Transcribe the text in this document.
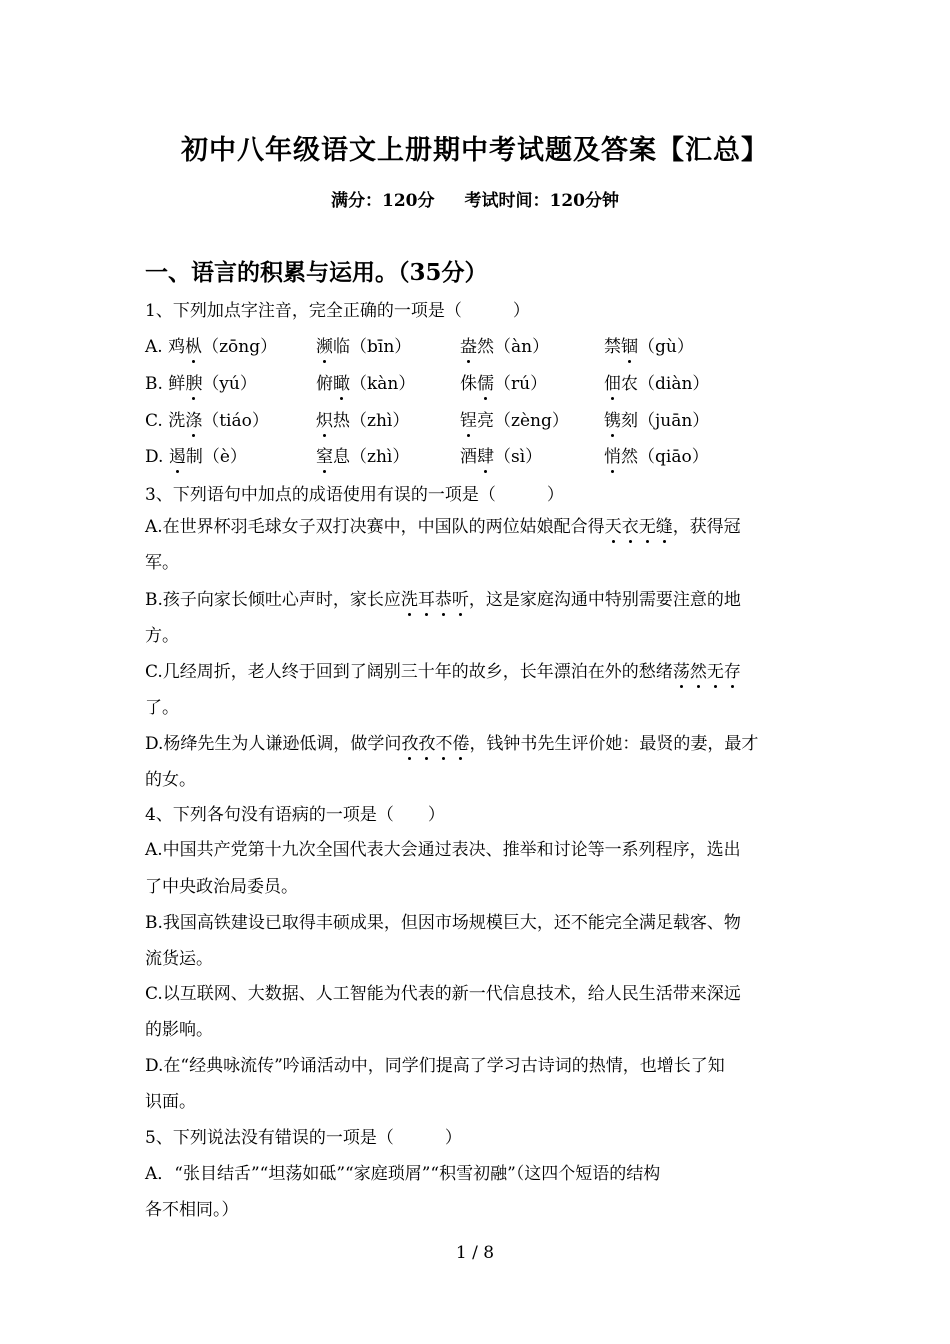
初中八年级语文上册期中考试题及答案【汇总】
满分：120分 考试时间：120分钟
一、语言的积累与运用。（35分）
1、下列加点字注音，完全正确的一项是（　　　）
A. 鸡枞（zōng） 濒临（bīn）	盎然（àn）	禁锢（gù）
B. 鲜腴（yú）	俯瞰（kàn）	侏儒（rú）	佃农（diàn）
C. 洗涤（tiáo）	炽热（zhì）	锃亮（zèng） 镌刻（juān）
D. 遏制（è）	窒息（zhì）	酒肆（sì）	悄然（qiāo）
3、下列语句中加点的成语使用有误的一项是（　　　）
A.在世界杯羽毛球女子双打决赛中，中国队的两位姑娘配合得天衣无缝，获得冠
军。
B.孩子向家长倾吐心声时，家长应洗耳恭听，这是家庭沟通中特别需要注意的地
方。
C.几经周折，老人终于回到了阔别三十年的故乡，长年漂泊在外的愁绪荡然无存
了。
D.杨绛先生为人谦逊低调，做学问孜孜不倦，钱钟书先生评价她：最贤的妻，最才
的女。
4、下列各句没有语病的一项是（　　）
A.中国共产党第十九次全国代表大会通过表决、推举和讨论等一系列程序，选出
了中央政治局委员。
B.我国高铁建设已取得丰硕成果，但因市场规模巨大，还不能完全满足载客、物
流货运。
C.以互联网、大数据、人工智能为代表的新一代信息技术，给人民生活带来深远
的影响。
D.在“经典咏流传”吟诵活动中，同学们提高了学习古诗词的热情，也增长了知
识面。
5、下列说法没有错误的一项是（　　　）
A．“张目结舌”“坦荡如砥”“家庭琐屑”“积雪初融”（这四个短语的结构
各不相同。）
1 / 8
